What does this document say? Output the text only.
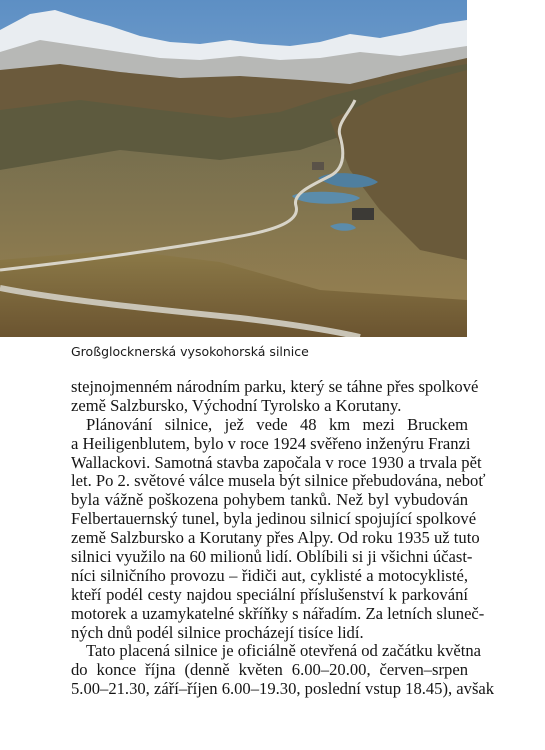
Großglocknerská vysokohorská silnice
stejnojmenném národním parku, který se táhne přes spolkové
země Salzbursko, Východní Tyrolsko a Korutany.
Plánování silnice, jež vede 48 km mezi Bruckem
a Heiligenblutem, bylo v roce 1924 svěřeno inženýru Franzi
Wallackovi. Samotná stavba započala v roce 1930 a trvala pět
let. Po 2. světové válce musela být silnice přebudována, neboť
byla vážně poškozena pohybem tanků. Než byl vybudován
Felbertauernský tunel, byla jedinou silnicí spojující spolkové
země Salzbursko a Korutany přes Alpy. Od roku 1935 už tuto
silnici využilo na 60 milionů lidí. Oblíbili si ji všichni účast-
níci silničního provozu – řidiči aut, cyklisté a motocyklisté,
kteří podél cesty najdou speciální příslušenství k parkování
motorek a uzamykatelné skříňky s nářadím. Za letních sluneč-
ných dnů podél silnice procházejí tisíce lidí.
Tato placená silnice je oficiálně otevřená od začátku května
do konce října (denně květen 6.00–20.00, červen–srpen
5.00–21.30, září–říjen 6.00–19.30, poslední vstup 18.45), avšak
